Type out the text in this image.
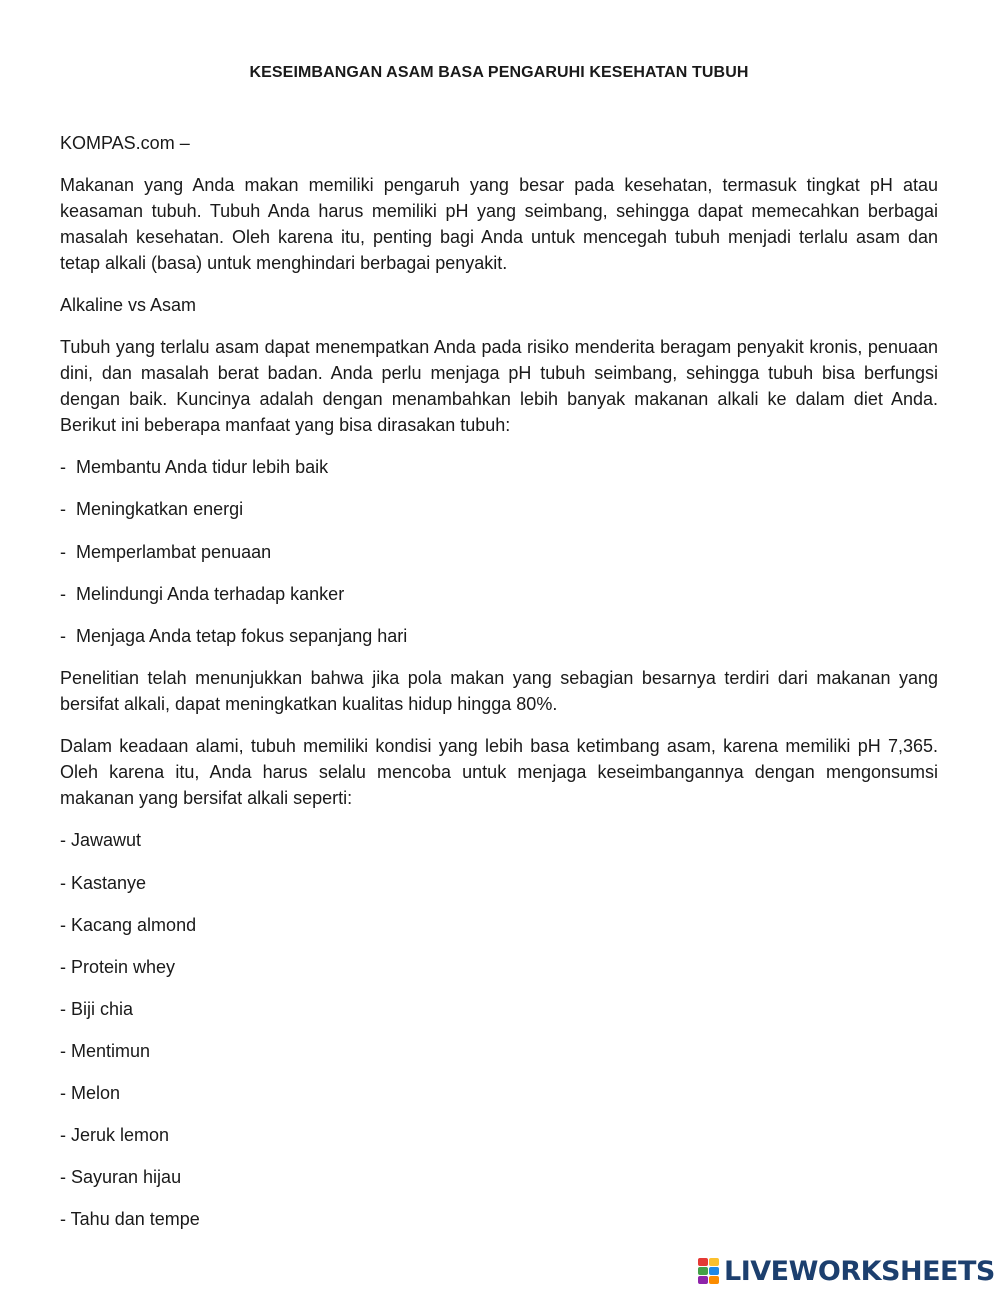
KESEIMBANGAN ASAM BASA PENGARUHI KESEHATAN TUBUH

KOMPAS.com –

Makanan yang Anda makan memiliki pengaruh yang besar pada kesehatan, termasuk tingkat pH atau keasaman tubuh. Tubuh Anda harus memiliki pH yang seimbang, sehingga dapat memecahkan berbagai masalah kesehatan. Oleh karena itu, penting bagi Anda untuk mencegah tubuh menjadi terlalu asam dan tetap alkali (basa) untuk menghindari berbagai penyakit.

Alkaline vs Asam

Tubuh yang terlalu asam dapat menempatkan Anda pada risiko menderita beragam penyakit kronis, penuaan dini, dan masalah berat badan. Anda perlu menjaga pH tubuh seimbang, sehingga tubuh bisa berfungsi dengan baik. Kuncinya adalah dengan menambahkan lebih banyak makanan alkali ke dalam diet Anda. Berikut ini beberapa manfaat yang bisa dirasakan tubuh:

- Membantu Anda tidur lebih baik
- Meningkatkan energi
- Memperlambat penuaan
- Melindungi Anda terhadap kanker
- Menjaga Anda tetap fokus sepanjang hari

Penelitian telah menunjukkan bahwa jika pola makan yang sebagian besarnya terdiri dari makanan yang bersifat alkali, dapat meningkatkan kualitas hidup hingga 80%.

Dalam keadaan alami, tubuh memiliki kondisi yang lebih basa ketimbang asam, karena memiliki pH 7,365. Oleh karena itu, Anda harus selalu mencoba untuk menjaga keseimbangannya dengan mengonsumsi makanan yang bersifat alkali seperti:

- Jawawut
- Kastanye
- Kacang almond
- Protein whey
- Biji chia
- Mentimun
- Melon
- Jeruk lemon
- Sayuran hijau
- Tahu dan tempe
LIVEWORKSHEETS
